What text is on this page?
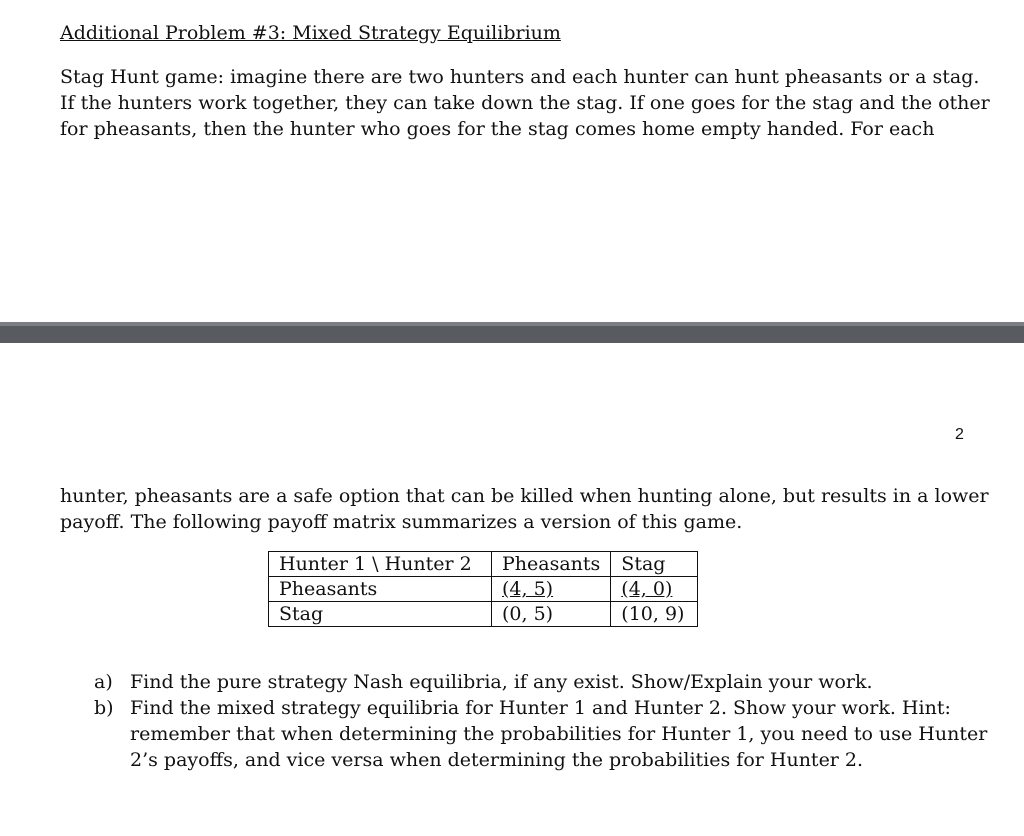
Additional Problem #3: Mixed Strategy Equilibrium

Stag Hunt game: imagine there are two hunters and each hunter can hunt pheasants or a stag.

If the hunters work together, they can take down the stag. If one goes for the stag and the other

for pheasants, then the hunter who goes for the stag comes home empty handed. For each

2

hunter, pheasants are a safe option that can be killed when hunting alone, but results in a lower

payoff. The following payoff matrix summarizes a version of this game.

Hunter 1 \ Hunter 2	Pheasants	Stag
Pheasants	(4, 5)	(4, 0)
Stag	(0, 5)	(10, 9)
a) Find the pure strategy Nash equilibria, if any exist. Show/Explain your work.
b) Find the mixed strategy equilibria for Hunter 1 and Hunter 2. Show your work. Hint:
remember that when determining the probabilities for Hunter 1, you need to use Hunter
2’s payoffs, and vice versa when determining the probabilities for Hunter 2.
